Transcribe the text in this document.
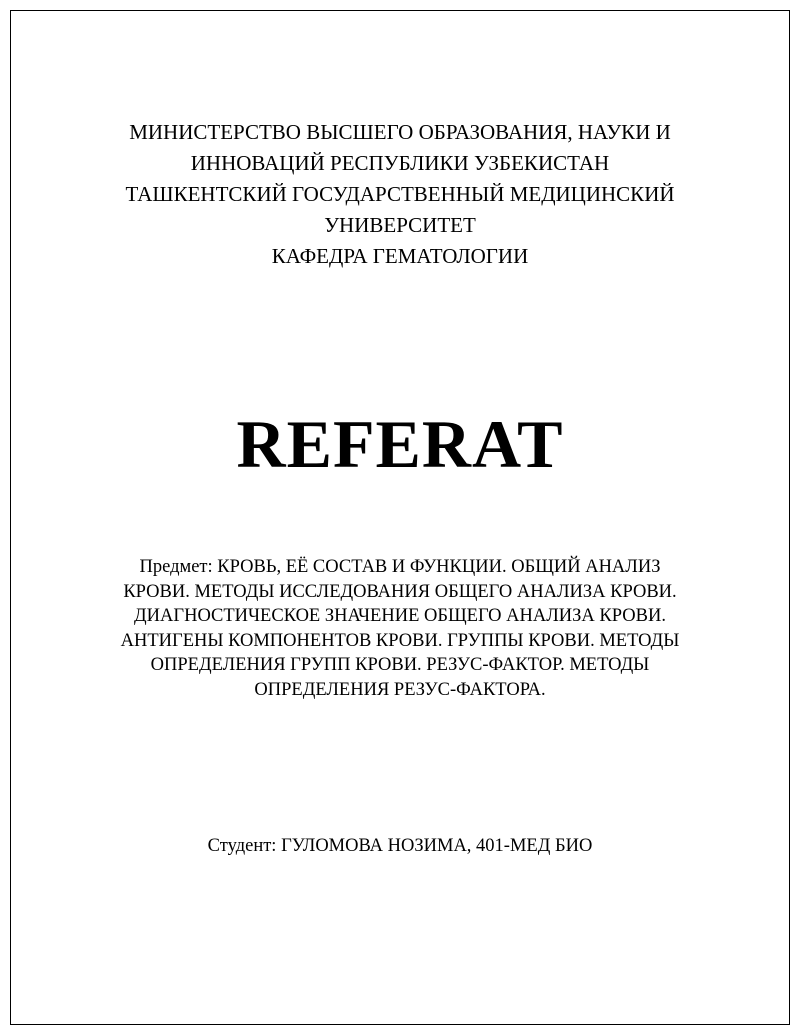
МИНИСТЕРСТВО ВЫСШЕГО ОБРАЗОВАНИЯ, НАУКИ И
ИННОВАЦИЙ РЕСПУБЛИКИ УЗБЕКИСТАН
ТАШКЕНТСКИЙ ГОСУДАРСТВЕННЫЙ МЕДИЦИНСКИЙ
УНИВЕРСИТЕТ
КАФЕДРА ГЕМАТОЛОГИИ
REFERAT
Предмет: КРОВЬ, ЕЁ СОСТАВ И ФУНКЦИИ. ОБЩИЙ АНАЛИЗ
КРОВИ. МЕТОДЫ ИССЛЕДОВАНИЯ ОБЩЕГО АНАЛИЗА КРОВИ.
ДИАГНОСТИЧЕСКОЕ ЗНАЧЕНИЕ ОБЩЕГО АНАЛИЗА КРОВИ.
АНТИГЕНЫ КОМПОНЕНТОВ КРОВИ. ГРУППЫ КРОВИ. МЕТОДЫ
ОПРЕДЕЛЕНИЯ ГРУПП КРОВИ. РЕЗУС-ФАКТОР. МЕТОДЫ
ОПРЕДЕЛЕНИЯ РЕЗУС-ФАКТОРА.
Студент: ГУЛОМОВА НОЗИМА, 401-МЕД БИО
